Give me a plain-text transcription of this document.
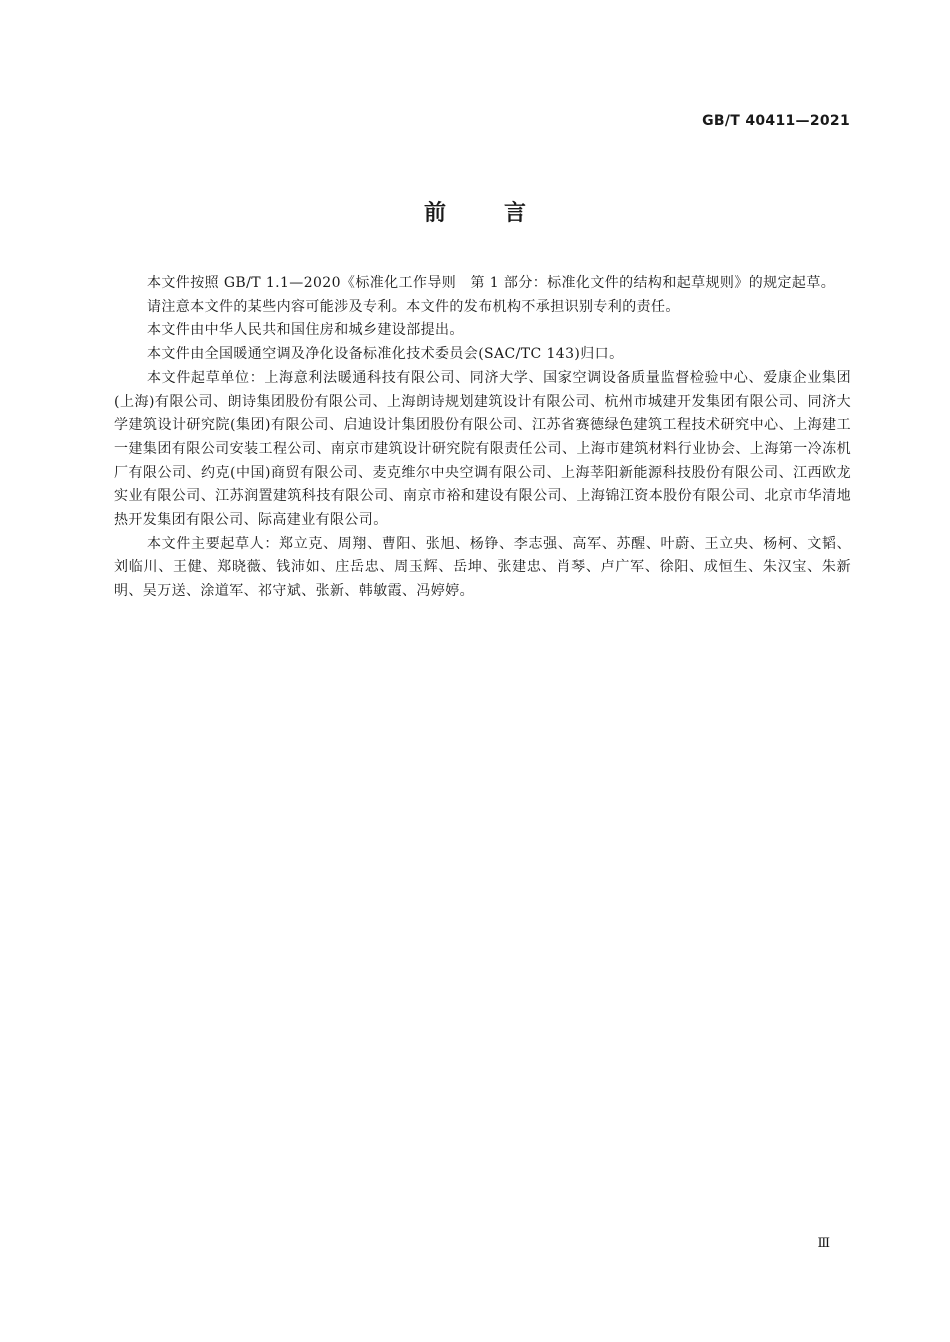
GB/T 40411—2021
前言

本文件按照 GB/T 1.1—2020《标准化工作导则　第 1 部分：标准化文件的结构和起草规则》的规定起草。

请注意本文件的某些内容可能涉及专利。本文件的发布机构不承担识别专利的责任。

本文件由中华人民共和国住房和城乡建设部提出。

本文件由全国暖通空调及净化设备标准化技术委员会(SAC/TC 143)归口。

本文件起草单位：上海意利法暖通科技有限公司、同济大学、国家空调设备质量监督检验中心、爱康企业集团(上海)有限公司、朗诗集团股份有限公司、上海朗诗规划建筑设计有限公司、杭州市城建开发集团有限公司、同济大学建筑设计研究院(集团)有限公司、启迪设计集团股份有限公司、江苏省赛德绿色建筑工程技术研究中心、上海建工一建集团有限公司安装工程公司、南京市建筑设计研究院有限责任公司、上海市建筑材料行业协会、上海第一冷冻机厂有限公司、约克(中国)商贸有限公司、麦克维尔中央空调有限公司、上海莘阳新能源科技股份有限公司、江西欧龙实业有限公司、江苏润置建筑科技有限公司、南京市裕和建设有限公司、上海锦江资本股份有限公司、北京市华清地热开发集团有限公司、际高建业有限公司。

本文件主要起草人：郑立克、周翔、曹阳、张旭、杨铮、李志强、高军、苏醒、叶蔚、王立央、杨柯、文韬、刘临川、王健、郑晓薇、钱沛如、庄岳忠、周玉辉、岳坤、张建忠、肖琴、卢广军、徐阳、成恒生、朱汉宝、朱新明、吴万送、涂道军、祁守斌、张新、韩敏霞、冯婷婷。

Ⅲ
